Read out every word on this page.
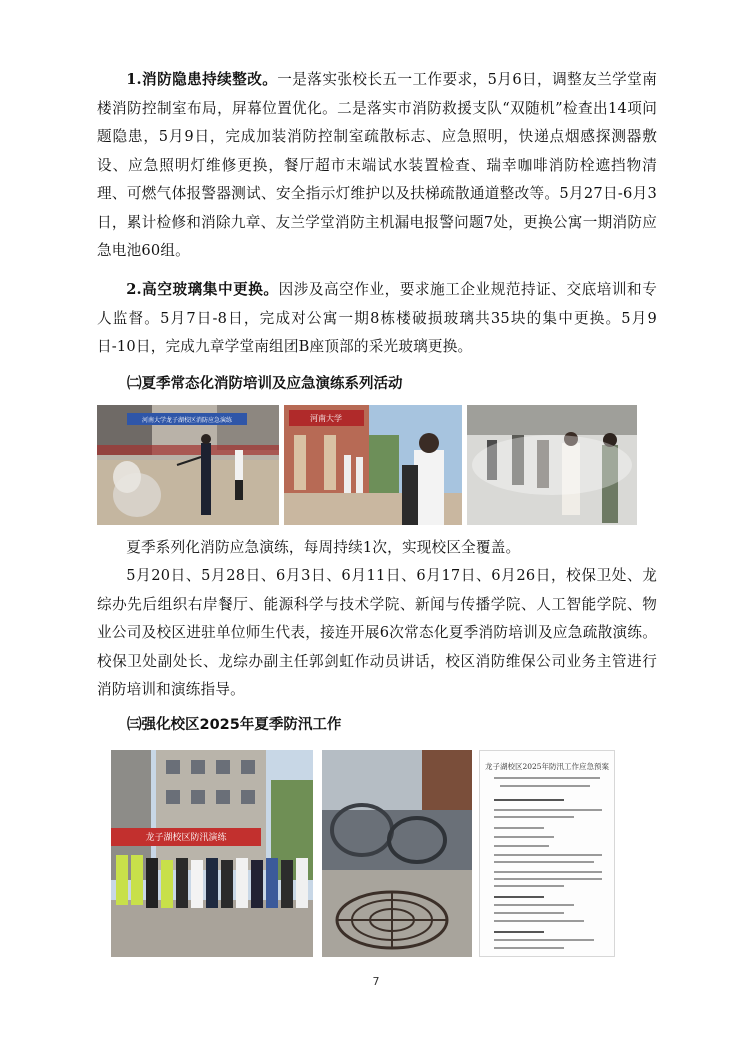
1.消防隐患持续整改。一是落实张校长五一工作要求，5月6日，调整友兰学堂南楼消防控制室布局，屏幕位置优化。二是落实市消防救援支队“双随机”检查出14项问题隐患，5月9日，完成加装消防控制室疏散标志、应急照明，快递点烟感探测器敷设、应急照明灯维修更换，餐厅超市末端试水装置检查、瑞幸咖啡消防栓遮挡物清理、可燃气体报警器测试、安全指示灯维护以及扶梯疏散通道整改等。5月27日-6月3日，累计检修和消除九章、友兰学堂消防主机漏电报警问题7处，更换公寓一期消防应急电池60组。

2.高空玻璃集中更换。因涉及高空作业，要求施工企业规范持证、交底培训和专人监督。5月7日-8日，完成对公寓一期8栋楼破损玻璃共35块的集中更换。5月9日-10日，完成九章学堂南组团B座顶部的采光玻璃更换。

㈡夏季常态化消防培训及应急演练系列活动
河南大学龙子湖校区消防应急演练	河南大学

夏季系列化消防应急演练，每周持续1次，实现校区全覆盖。

5月20日、5月28日、6月3日、6月11日、6月17日、6月26日，校保卫处、龙综办先后组织右岸餐厅、能源科学与技术学院、新闻与传播学院、人工智能学院、物业公司及校区进驻单位师生代表，接连开展6次常态化夏季消防培训及应急疏散演练。校保卫处副处长、龙综办副主任郭剑虹作动员讲话，校区消防维保公司业务主管进行消防培训和演练指导。

㈢强化校区2025年夏季防汛工作
龙子湖校区防汛演练
龙子湖校区2025年防汛工作应急预案
7
